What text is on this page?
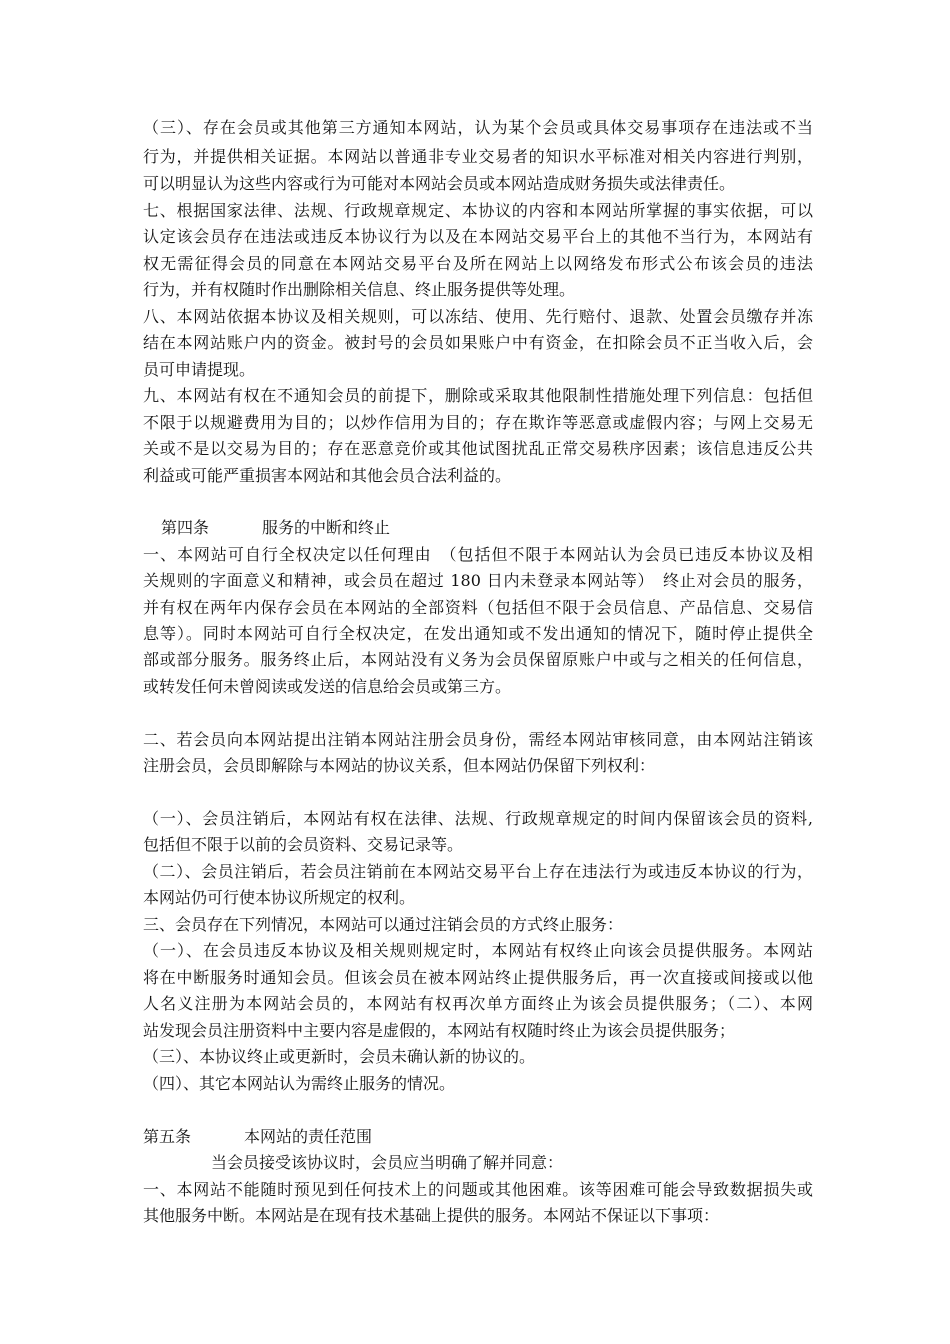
（三）、存在会员或其他第三方通知本网站，认为某个会员或具体交易事项存在违法或不当
行为，并提供相关证据。本网站以普通非专业交易者的知识水平标准对相关内容进行判别，
可以明显认为这些内容或行为可能对本网站会员或本网站造成财务损失或法律责任。
七、根据国家法律、法规、行政规章规定、本协议的内容和本网站所掌握的事实依据，可以
认定该会员存在违法或违反本协议行为以及在本网站交易平台上的其他不当行为，本网站有
权无需征得会员的同意在本网站交易平台及所在网站上以网络发布形式公布该会员的违法
行为，并有权随时作出删除相关信息、终止服务提供等处理。
八、本网站依据本协议及相关规则，可以冻结、使用、先行赔付、退款、处置会员缴存并冻
结在本网站账户内的资金。被封号的会员如果账户中有资金，在扣除会员不正当收入后，会
员可申请提现。
九、本网站有权在不通知会员的前提下，删除或采取其他限制性措施处理下列信息：包括但
不限于以规避费用为目的；以炒作信用为目的；存在欺诈等恶意或虚假内容；与网上交易无
关或不是以交易为目的；存在恶意竞价或其他试图扰乱正常交易秩序因素；该信息违反公共
利益或可能严重损害本网站和其他会员合法利益的。
第四条	服务的中断和终止
一、本网站可自行全权决定以任何理由　（包括但不限于本网站认为会员已违反本协议及相
关规则的字面意义和精神，或会员在超过 180 日内未登录本网站等）　终止对会员的服务，
并有权在两年内保存会员在本网站的全部资料（包括但不限于会员信息、产品信息、交易信
息等）。同时本网站可自行全权决定，在发出通知或不发出通知的情况下，随时停止提供全
部或部分服务。服务终止后，本网站没有义务为会员保留原账户中或与之相关的任何信息，
或转发任何未曾阅读或发送的信息给会员或第三方。
二、若会员向本网站提出注销本网站注册会员身份，需经本网站审核同意，由本网站注销该
注册会员，会员即解除与本网站的协议关系，但本网站仍保留下列权利：
（一）、会员注销后，本网站有权在法律、法规、行政规章规定的时间内保留该会员的资料,
包括但不限于以前的会员资料、交易记录等。
（二）、会员注销后，若会员注销前在本网站交易平台上存在违法行为或违反本协议的行为，
本网站仍可行使本协议所规定的权利。
三、会员存在下列情况，本网站可以通过注销会员的方式终止服务：
（一）、在会员违反本协议及相关规则规定时，本网站有权终止向该会员提供服务。本网站
将在中断服务时通知会员。但该会员在被本网站终止提供服务后，再一次直接或间接或以他
人名义注册为本网站会员的，本网站有权再次单方面终止为该会员提供服务；（二）、本网
站发现会员注册资料中主要内容是虚假的，本网站有权随时终止为该会员提供服务；
（三）、本协议终止或更新时，会员未确认新的协议的。
（四）、其它本网站认为需终止服务的情况。
第五条	本网站的责任范围
当会员接受该协议时，会员应当明确了解并同意：
一、本网站不能随时预见到任何技术上的问题或其他困难。该等困难可能会导致数据损失或
其他服务中断。本网站是在现有技术基础上提供的服务。本网站不保证以下事项：
